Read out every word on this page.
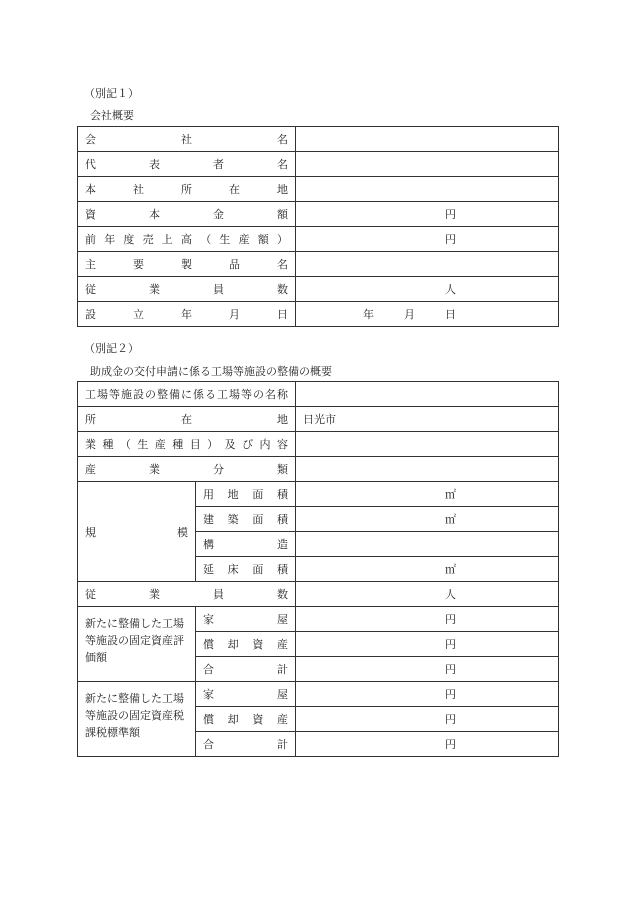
（別記１）
会社概要
会社名	
代表者名	
本社所在地	
資本金額	円
前年度売上高（生産額）	円
主要製品名	
従業員数	人
設立年月日	年 月 日
（別記２）
助成金の交付申請に係る工場等施設の整備の概要
工場等施設の整備に係る工場等の名称		
所在地		日光市
業種（生産種目）及び内容		
産業分類		
規模	用地面積	㎡
	建築面積	㎡
	構造	
	延床面積	㎡
従業員数		人
新たに整備した工場等施設の固定資産評価額	家屋	円
	償却資産	円
	合計	円
新たに整備した工場等施設の固定資産税課税標準額	家屋	円
	償却資産	円
	合計	円
